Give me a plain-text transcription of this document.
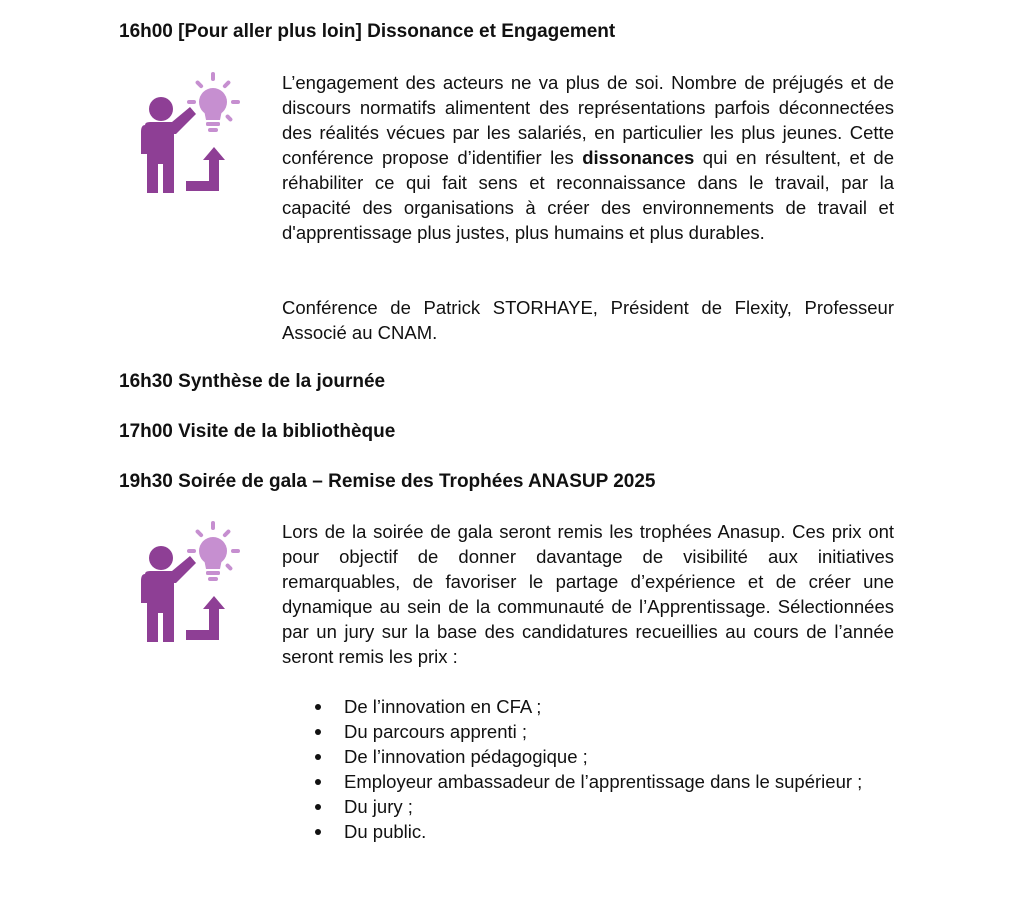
16h00 [Pour aller plus loin] Dissonance et Engagement

L’engagement des acteurs ne va plus de soi. Nombre de préjugés et de discours normatifs alimentent des représentations parfois déconnectées des réalités vécues par les salariés, en particulier les plus jeunes. Cette conférence propose d’identifier les dissonances qui en résultent, et de réhabiliter ce qui fait sens et reconnaissance dans le travail, par la capacité des organisations à créer des environnements de travail et d'apprentissage plus justes, plus humains et plus durables.

Conférence de Patrick STORHAYE, Président de Flexity, Professeur Associé au CNAM.

16h30 Synthèse de la journée
17h00 Visite de la bibliothèque
19h30 Soirée de gala – Remise des Trophées ANASUP 2025

Lors de la soirée de gala seront remis les trophées Anasup. Ces prix ont pour objectif de donner davantage de visibilité aux initiatives remarquables, de favoriser le partage d’expérience et de créer une dynamique au sein de la communauté de l’Apprentissage. Sélectionnées par un jury sur la base des candidatures recueillies au cours de l’année seront remis les prix :

De l’innovation en CFA ;
Du parcours apprenti ;
De l’innovation pédagogique ;
Employeur ambassadeur de l’apprentissage dans le supérieur ;
Du jury ;
Du public.
